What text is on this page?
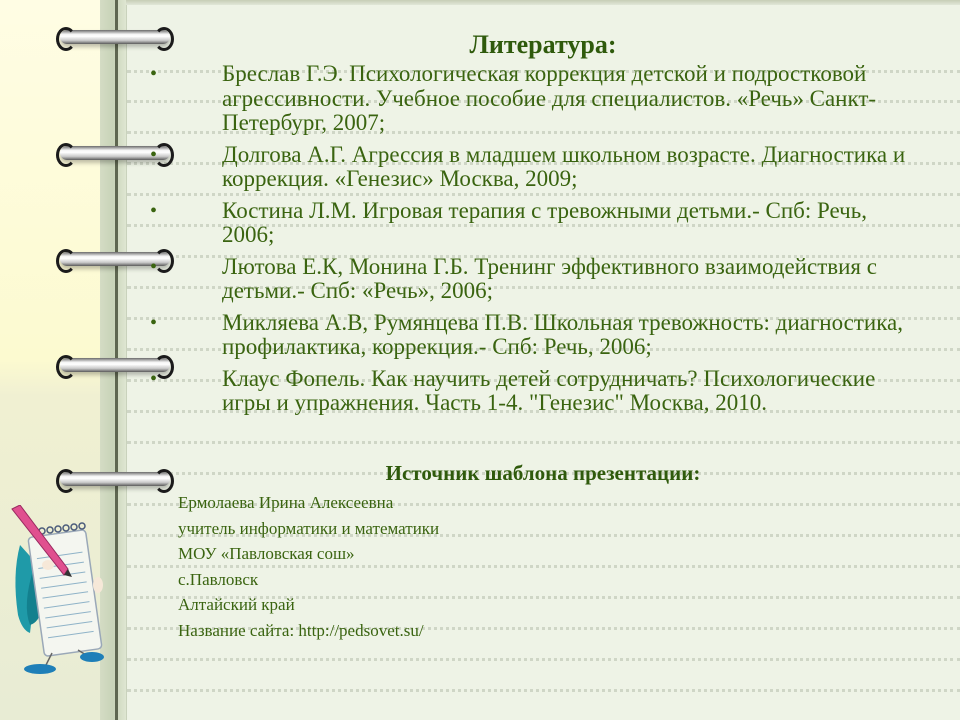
Литература:
•	Бреслав Г.Э. Психологическая коррекция детской и подростковой агрессивности. Учебное пособие для специалистов. «Речь» Санкт- Петербург, 2007;
•	Долгова А.Г. Агрессия в младшем школьном возрасте. Диагностика и коррекция. «Генезис» Москва, 2009;
•	Костина Л.М. Игровая терапия с тревожными детьми.- Спб: Речь, 2006;
•	Лютова Е.К, Монина Г.Б. Тренинг эффективного взаимодействия с детьми.- Спб: «Речь», 2006;
•	Микляева А.В, Румянцева П.В. Школьная тревожность: диагностика, профилактика, коррекция.- Спб: Речь, 2006;
•	Клаус Фопель. Как научить детей сотрудничать? Психологические игры и упражнения. Часть 1-4. "Генезис" Москва, 2010.
Источник шаблона презентации:
Ермолаева Ирина Алексеевна
учитель информатики и математики
МОУ «Павловская сош»
с.Павловск
Алтайский край
Название сайта: http://pedsovet.su/
